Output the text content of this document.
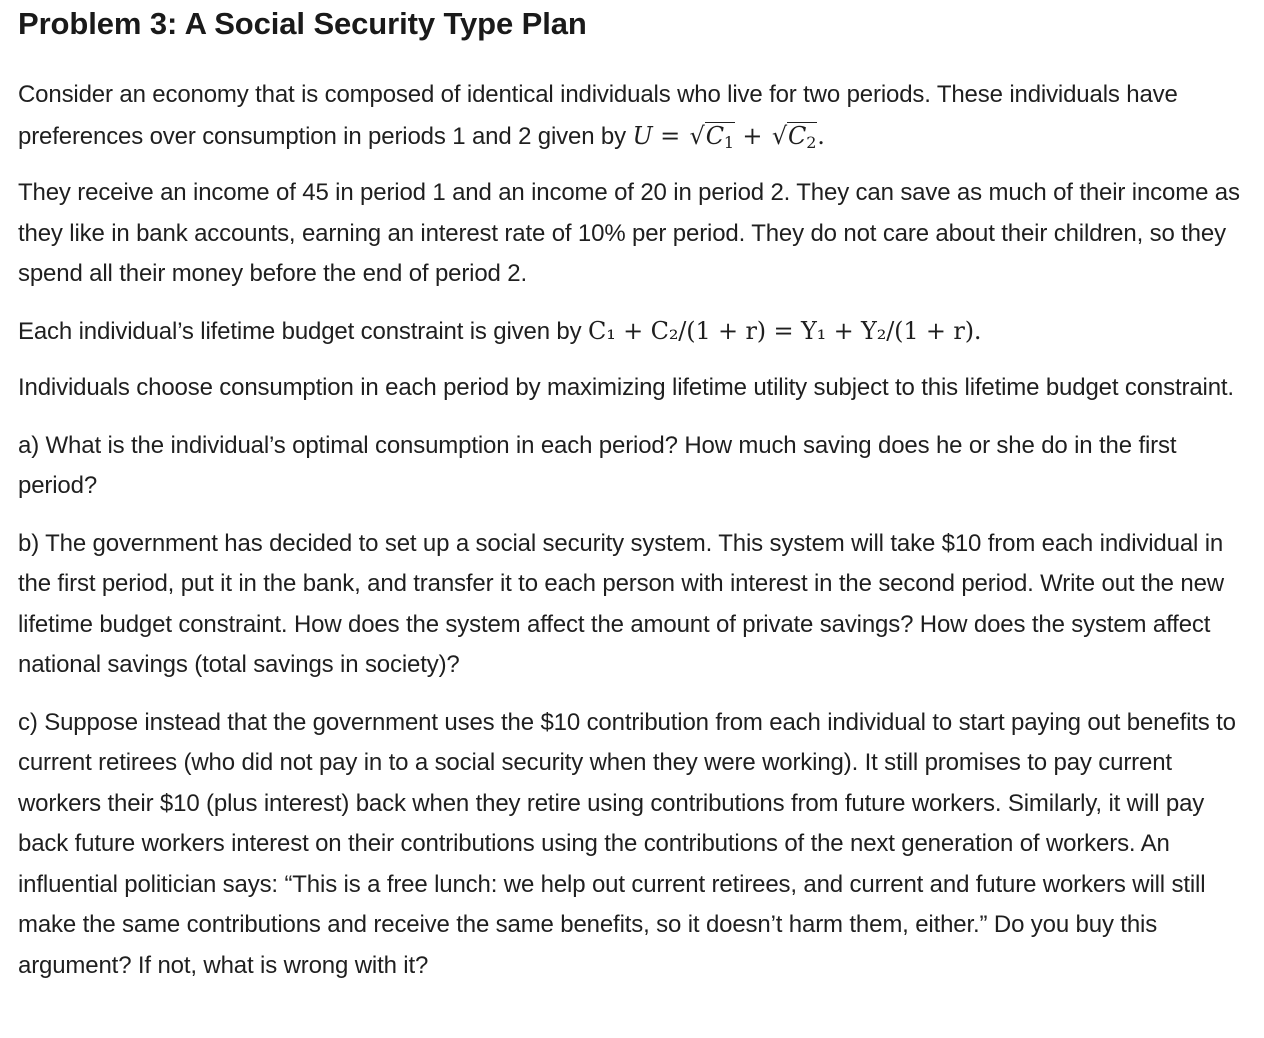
Problem 3: A Social Security Type Plan

Consider an economy that is composed of identical individuals who live for two periods. These individuals have preferences over consumption in periods 1 and 2 given by $U = √C_1 + √C_2$.

They receive an income of 45 in period 1 and an income of 20 in period 2. They can save as much of their income as they like in bank accounts, earning an interest rate of 10% per period. They do not care about their children, so they spend all their money before the end of period 2.

Each individual’s lifetime budget constraint is given by C₁ + C₂/(1 + r) = Y₁ + Y₂/(1 + r).

Individuals choose consumption in each period by maximizing lifetime utility subject to this lifetime budget constraint.

a) What is the individual’s optimal consumption in each period? How much saving does he or she do in the first period?

b) The government has decided to set up a social security system. This system will take $10 from each individual in the first period, put it in the bank, and transfer it to each person with interest in the second period. Write out the new lifetime budget constraint. How does the system affect the amount of private savings? How does the system affect national savings (total savings in society)?

c) Suppose instead that the government uses the $10 contribution from each individual to start paying out benefits to current retirees (who did not pay in to a social security when they were working). It still promises to pay current workers their $10 (plus interest) back when they retire using contributions from future workers. Similarly, it will pay back future workers interest on their contributions using the contributions of the next generation of workers. An influential politician says: “This is a free lunch: we help out current retirees, and current and future workers will still make the same contributions and receive the same benefits, so it doesn’t harm them, either.” Do you buy this argument? If not, what is wrong with it?
